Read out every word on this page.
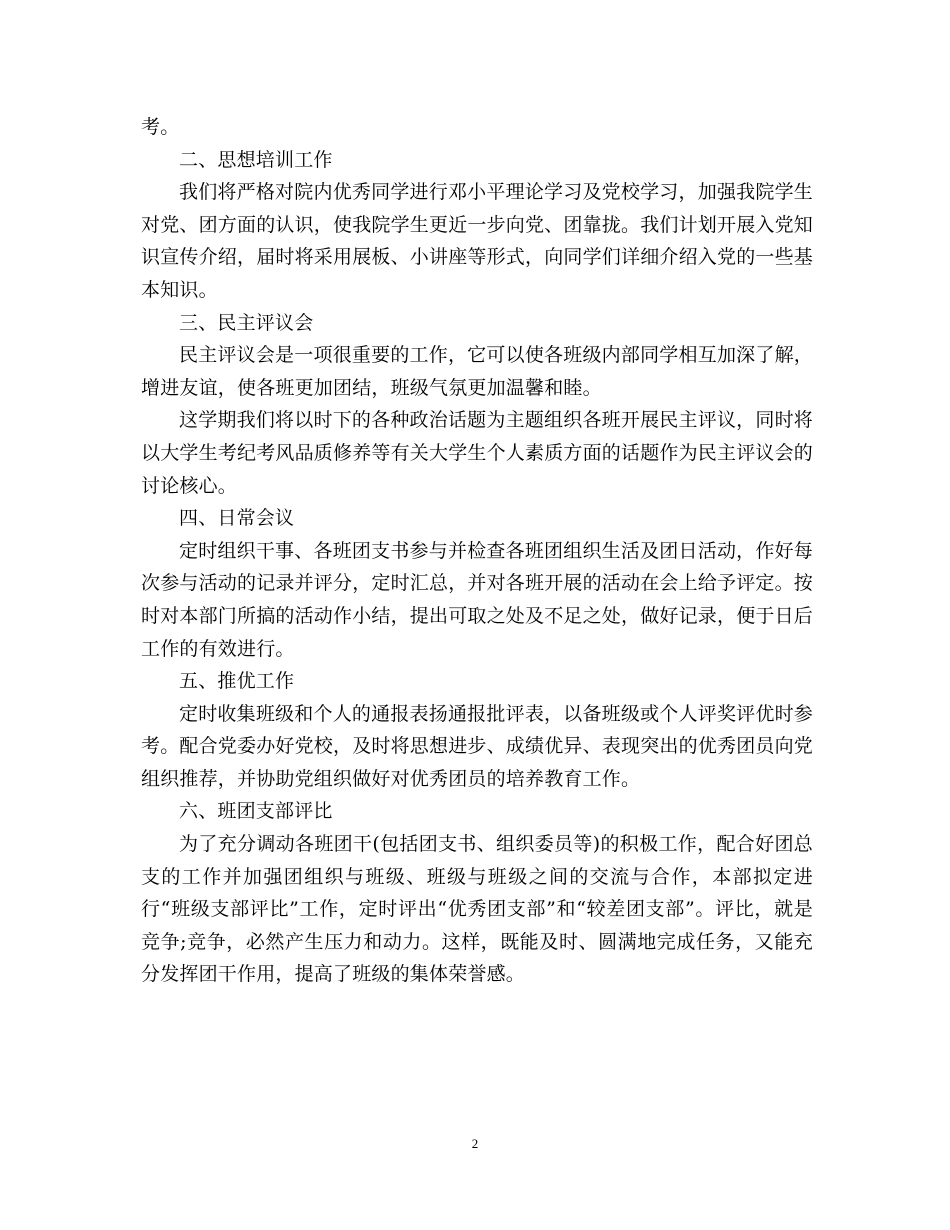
考。

二、思想培训工作

我们将严格对院内优秀同学进行邓小平理论学习及党校学习，加强我院学生对党、团方面的认识，使我院学生更近一步向党、团靠拢。我们计划开展入党知识宣传介绍，届时将采用展板、小讲座等形式，向同学们详细介绍入党的一些基本知识。

三、民主评议会

民主评议会是一项很重要的工作，它可以使各班级内部同学相互加深了解，增进友谊，使各班更加团结，班级气氛更加温馨和睦。

这学期我们将以时下的各种政治话题为主题组织各班开展民主评议，同时将以大学生考纪考风品质修养等有关大学生个人素质方面的话题作为民主评议会的讨论核心。

四、日常会议

定时组织干事、各班团支书参与并检查各班团组织生活及团日活动，作好每次参与活动的记录并评分，定时汇总，并对各班开展的活动在会上给予评定。按时对本部门所搞的活动作小结，提出可取之处及不足之处，做好记录，便于日后工作的有效进行。

五、推优工作

定时收集班级和个人的通报表扬通报批评表，以备班级或个人评奖评优时参考。配合党委办好党校，及时将思想进步、成绩优异、表现突出的优秀团员向党组织推荐，并协助党组织做好对优秀团员的培养教育工作。

六、班团支部评比

为了充分调动各班团干(包括团支书、组织委员等)的积极工作，配合好团总支的工作并加强团组织与班级、班级与班级之间的交流与合作，本部拟定进行“班级支部评比”工作，定时评出“优秀团支部”和“较差团支部”。评比，就是竞争;竞争，必然产生压力和动力。这样，既能及时、圆满地完成任务，又能充分发挥团干作用，提高了班级的集体荣誉感。

2
